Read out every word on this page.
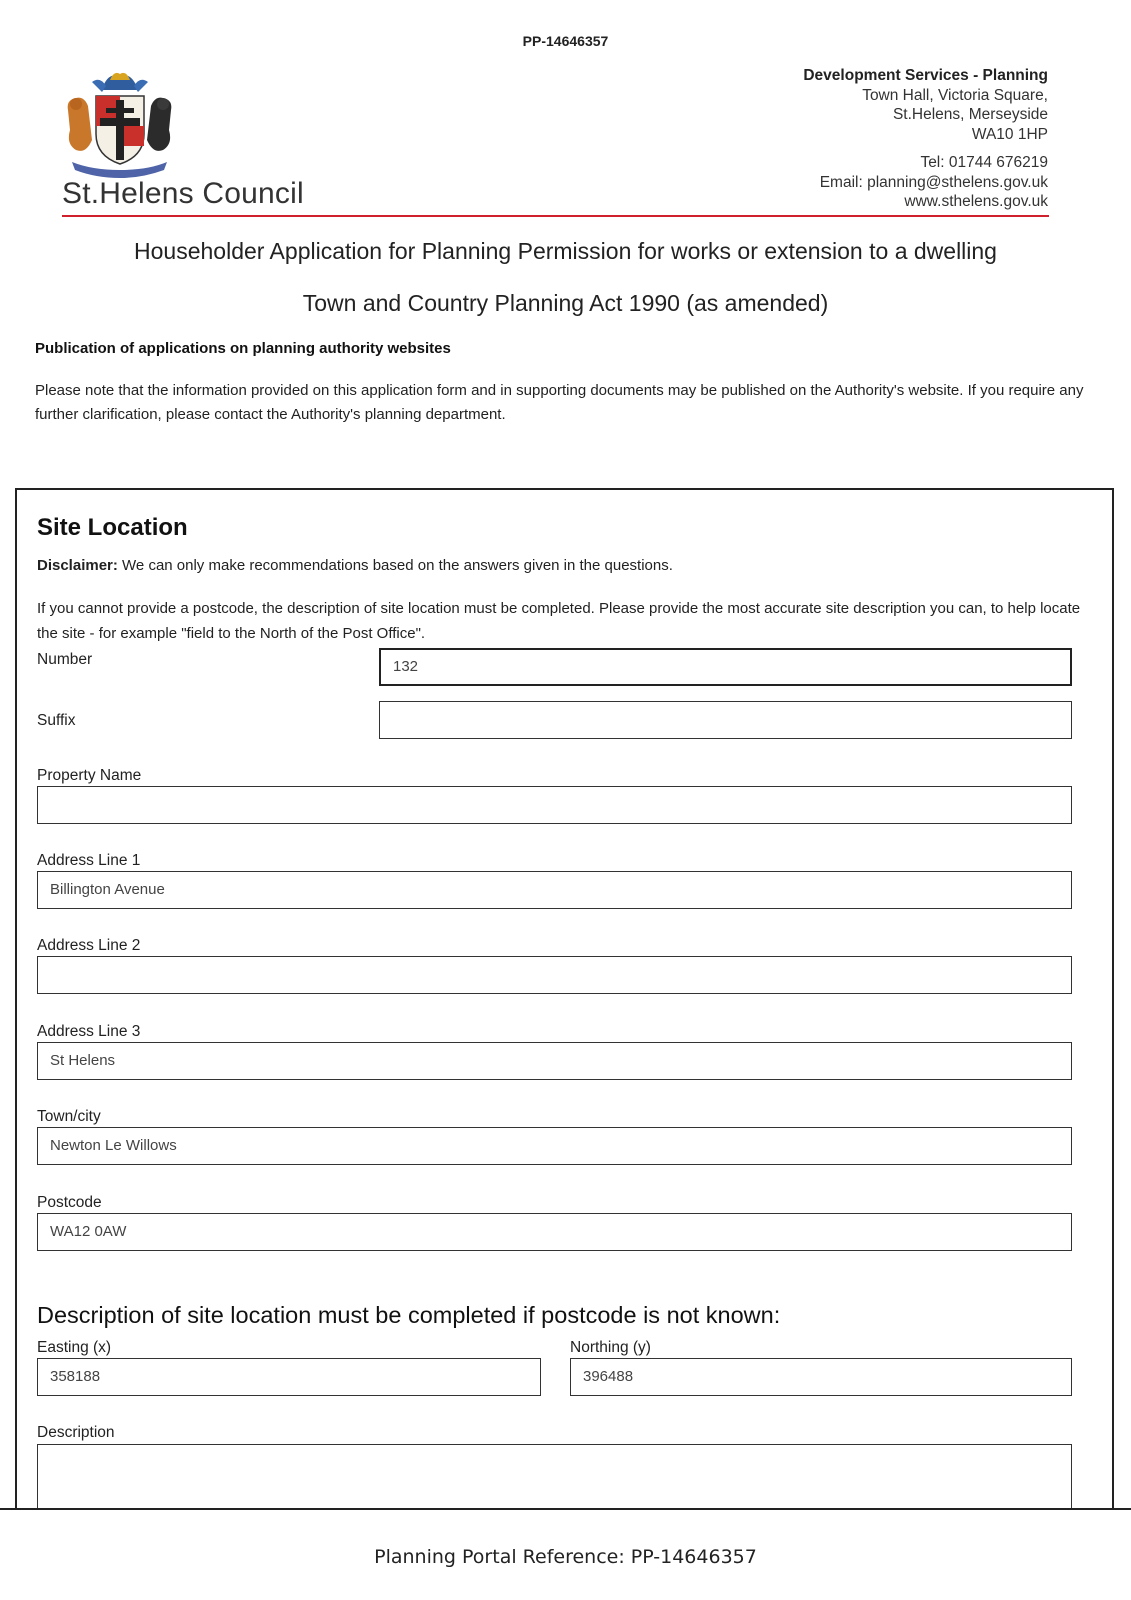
PP-14646357
St.Helens Council
Development Services - Planning
Town Hall, Victoria Square,
St.Helens, Merseyside
WA10 1HP
Tel: 01744 676219
Email: planning@sthelens.gov.uk
www.sthelens.gov.uk
Householder Application for Planning Permission for works or extension to a dwelling
Town and Country Planning Act 1990 (as amended)
Publication of applications on planning authority websites
Please note that the information provided on this application form and in supporting documents may be published on the Authority's website. If you require any further clarification, please contact the Authority's planning department.
Site Location
Disclaimer: We can only make recommendations based on the answers given in the questions.
If you cannot provide a postcode, the description of site location must be completed. Please provide the most accurate site description you can, to help locate the site - for example "field to the North of the Post Office".
Number	132
Suffix
Property Name
Address Line 1
Billington Avenue
Address Line 2
Address Line 3
St Helens
Town/city
Newton Le Willows
Postcode
WA12 0AW
Description of site location must be completed if postcode is not known:
Easting (x)
358188
Northing (y)
396488
Description
Planning Portal Reference: PP-14646357
